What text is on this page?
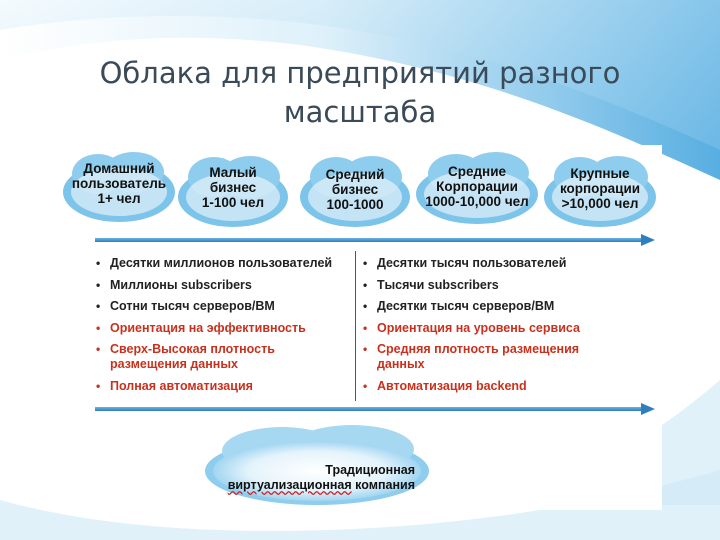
Облака для предприятий разного
масштаба
Домашний
пользователь
1+ чел
Малый
бизнес
1-100 чел
Средний
бизнес
100-1000
Средние
Корпорации
1000-10,000 чел
Крупные
корпорации
>10,000 чел
• Десятки миллионов пользователей
• Миллионы subscribers
• Сотни тысяч серверов/ВМ
• Ориентация на эффективность
• Сверх-Высокая плотность
размещения данных
• Полная автоматизация
• Десятки тысяч пользователей
• Тысячи subscribers
• Десятки тысяч серверов/ВМ
• Ориентация на уровень сервиса
• Средняя плотность размещения
данных
• Автоматизация backend
Традиционная
виртуализационная компания
